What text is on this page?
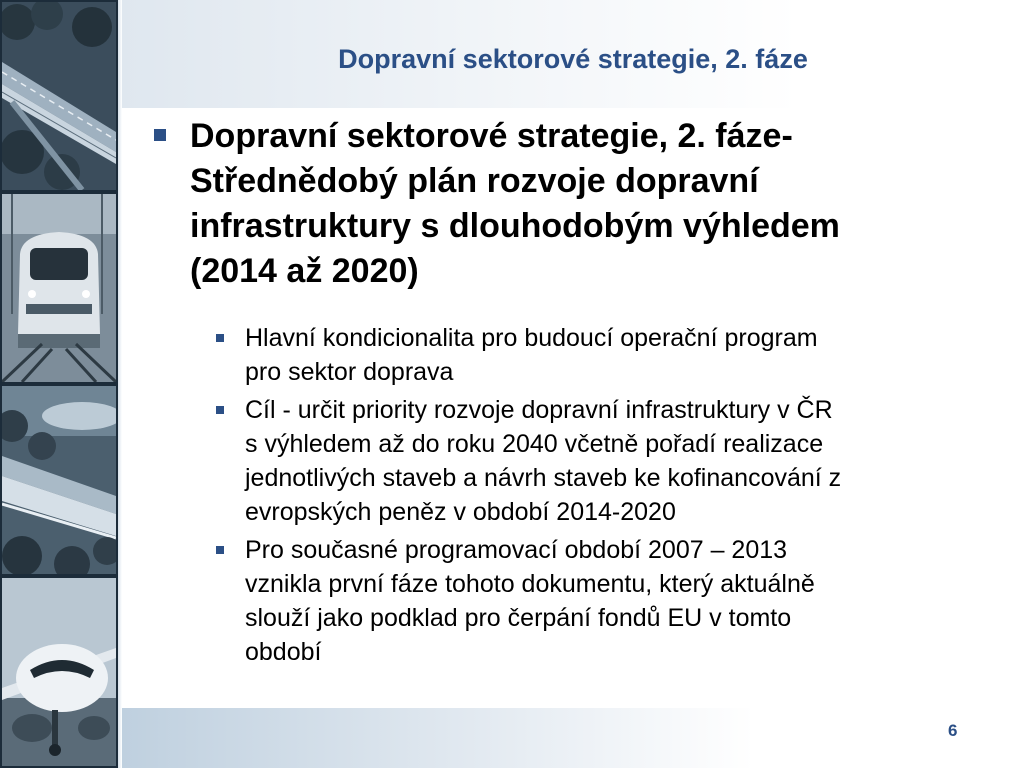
Dopravní sektorové strategie, 2. fáze
Dopravní sektorové strategie, 2. fáze-
Střednědobý plán rozvoje dopravní
infrastruktury s dlouhodobým výhledem
(2014 až 2020)
Hlavní kondicionalita pro budoucí operační program
pro sektor doprava
Cíl - určit priority rozvoje dopravní infrastruktury v ČR
s výhledem až do roku 2040 včetně pořadí realizace
jednotlivých staveb a návrh staveb ke kofinancování z
evropských peněz v období 2014-2020
Pro současné programovací období 2007 – 2013
vznikla první fáze tohoto dokumentu, který aktuálně
slouží jako podklad pro čerpání fondů EU v tomto
období
6
